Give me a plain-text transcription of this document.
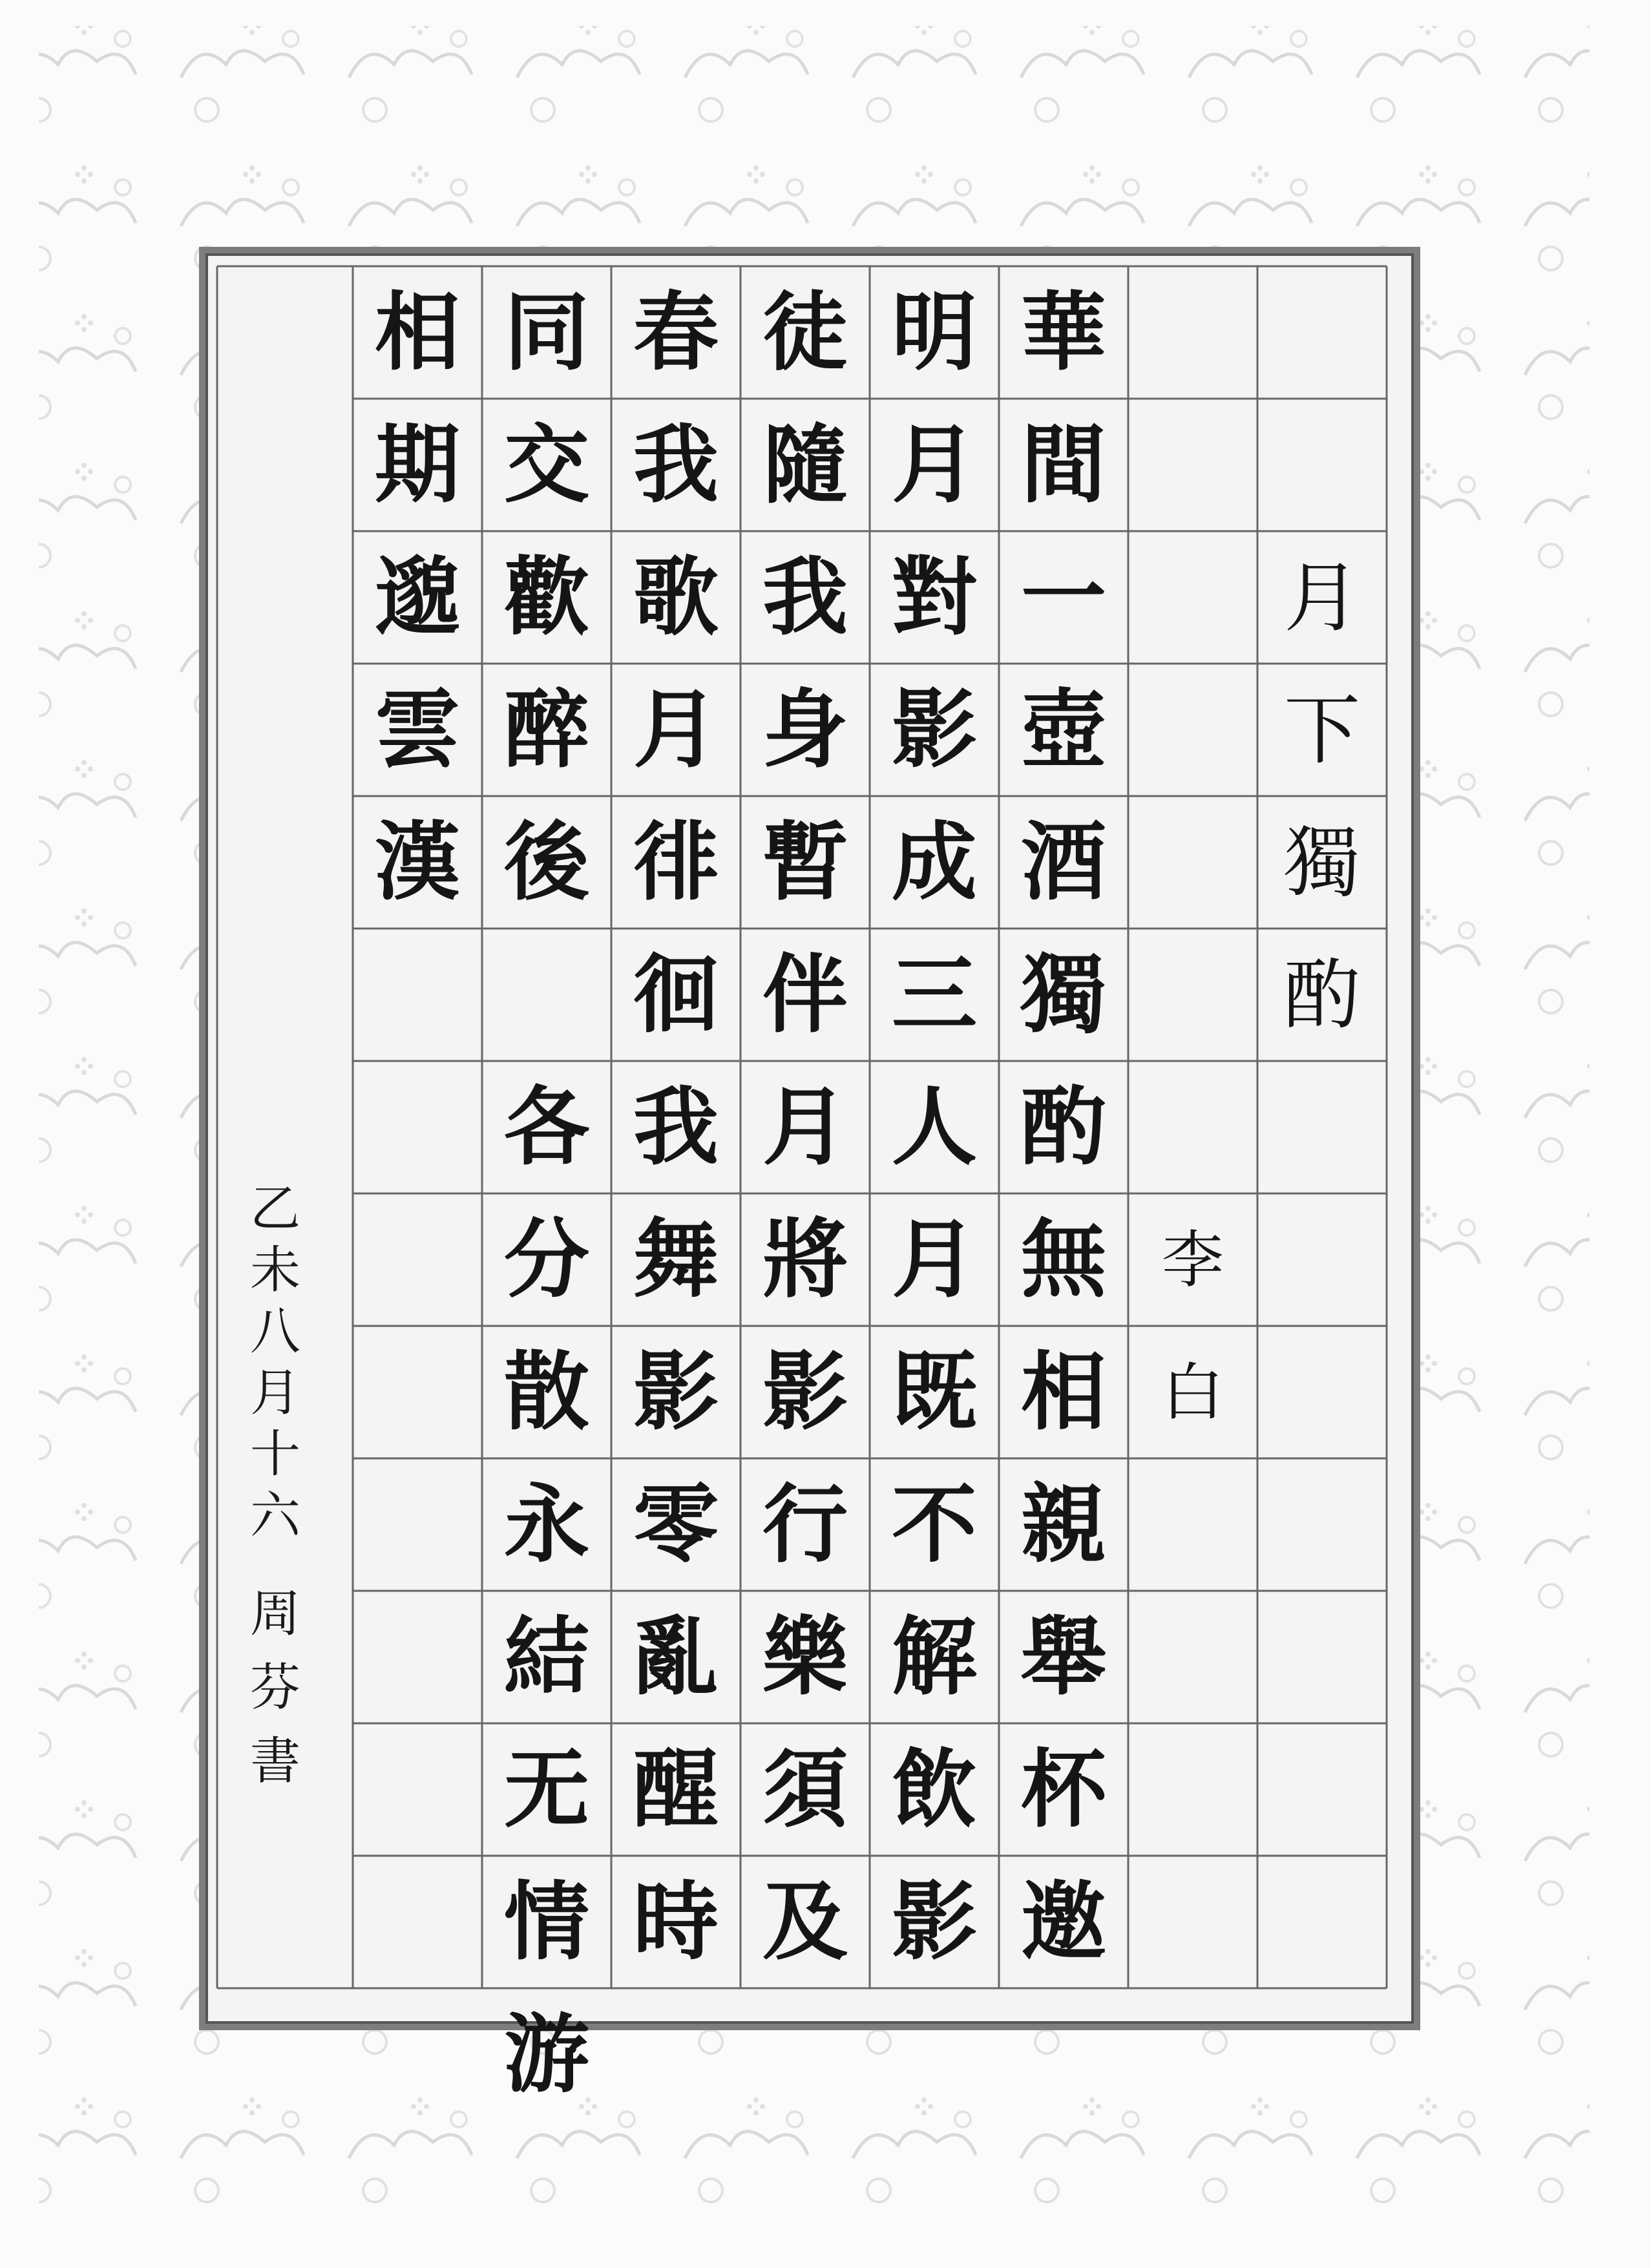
月
下
獨
酌
李
白
華
間
一
壺
酒
獨
酌
無
相
親
舉
杯
邀
明
月
對
影
成
三
人
月
既
不
解
飲
影
徒
隨
我
身
暫
伴
月
將
影
行
樂
須
及
春
我
歌
月
徘
徊
我
舞
影
零
亂
醒
時
同
交
歡
醉
後
各
分
散
永
結
无
情
游
相
期
邈
雲
漢
乙
未
八
月
十
六
周
芬
書
